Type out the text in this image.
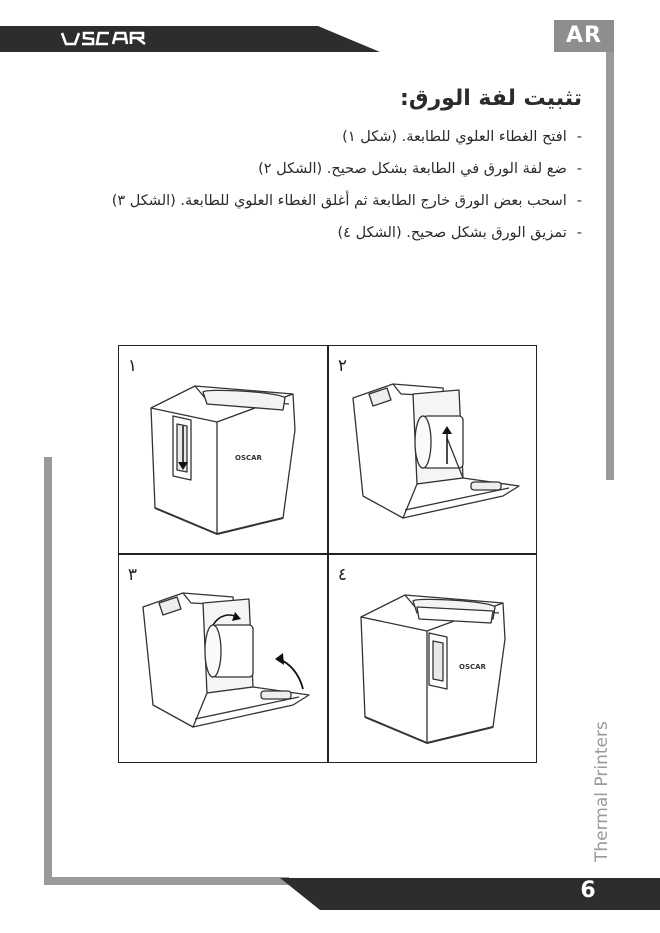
AR
تثبيت لفة الورق:
-افتح الغطاء العلوي للطابعة. (شكل ١)
-ضع لفة الورق في الطابعة بشكل صحيح. (الشكل ٢)
-اسحب بعض الورق خارج الطابعة ثم أغلق الغطاء العلوي للطابعة. (الشكل ٣)
-تمزيق الورق بشكل صحيح. (الشكل ٤)
١
OSCAR
٢
٣	٤
OSCAR
Thermal Printers
6
